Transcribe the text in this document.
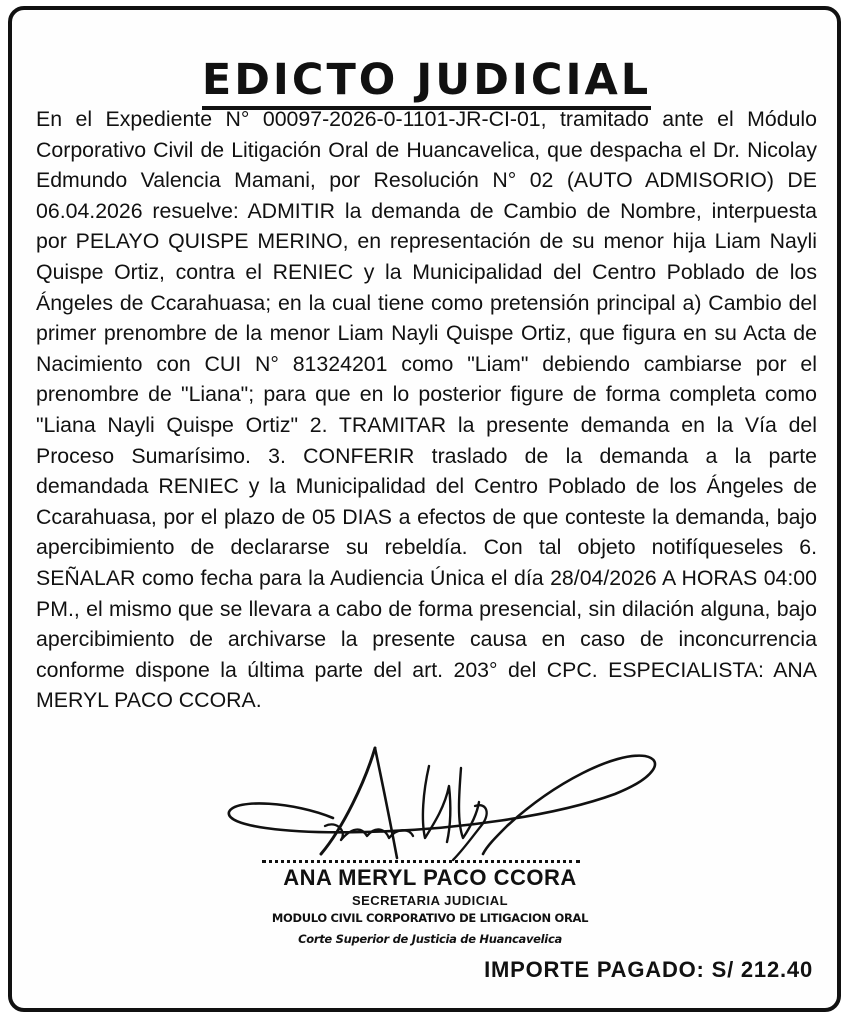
EDICTO JUDICIAL

En el Expediente N° 00097-2026-0-1101-JR-CI-01, tramitado ante el Módulo Corporativo Civil de Litigación Oral de Huancavelica, que despacha el Dr. Nicolay Edmundo Valencia Mamani, por Resolución N° 02 (AUTO ADMISORIO) DE 06.04.2026 resuelve: ADMITIR la demanda de Cambio de Nombre, interpuesta por PELAYO QUISPE MERINO, en representación de su menor hija Liam Nayli Quispe Ortiz, contra el RENIEC y la Municipalidad del Centro Poblado de los Ángeles de Ccarahuasa; en la cual tiene como pretensión principal a) Cambio del primer prenombre de la menor Liam Nayli Quispe Ortiz, que figura en su Acta de Nacimiento con CUI N° 81324201 como "Liam" debiendo cambiarse por el prenombre de "Liana"; para que en lo posterior figure de forma completa como "Liana Nayli Quispe Ortiz" 2. TRAMITAR la presente demanda en la Vía del Proceso Sumarísimo. 3. CONFERIR traslado de la demanda a la parte demandada RENIEC y la Municipalidad del Centro Poblado de los Ángeles de Ccarahuasa, por el plazo de 05 DIAS a efectos de que conteste la demanda, bajo apercibimiento de declararse su rebeldía. Con tal objeto notifíqueseles 6. SEÑALAR como fecha para la Audiencia Única el día 28/04/2026 A HORAS 04:00 PM., el mismo que se llevara a cabo de forma presencial, sin dilación alguna, bajo apercibimiento de archivarse la presente causa en caso de inconcurrencia conforme dispone la última parte del art. 203° del CPC. ESPECIALISTA: ANA MERYL PACO CCORA.

ANA MERYL PACO CCORA
SECRETARIA JUDICIAL
MODULO CIVIL CORPORATIVO DE LITIGACION ORAL
Corte Superior de Justicia de Huancavelica
IMPORTE PAGADO: S/ 212.40
